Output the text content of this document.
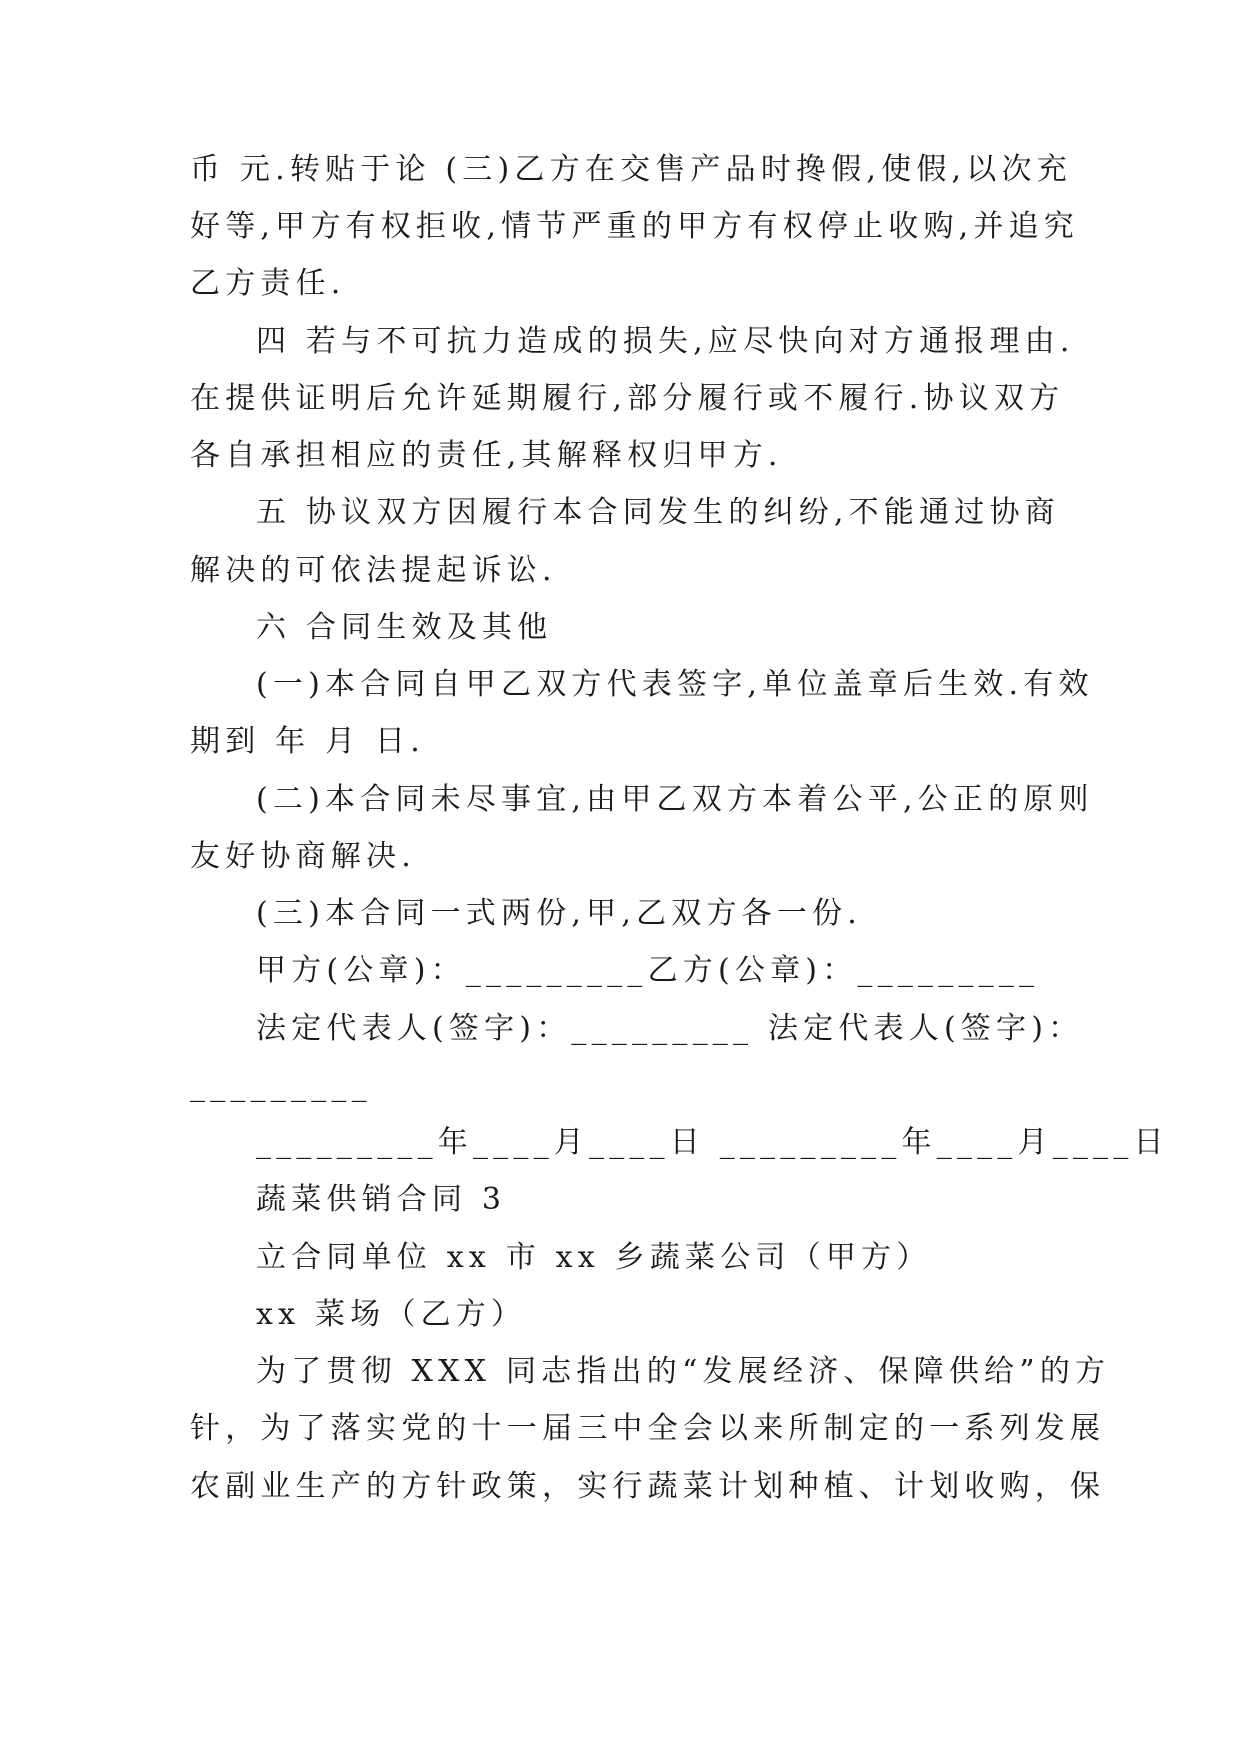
币 元.转贴于论 (三)乙方在交售产品时搀假,使假,以次充
好等,甲方有权拒收,情节严重的甲方有权停止收购,并追究
乙方责任.
四 若与不可抗力造成的损失,应尽快向对方通报理由.
在提供证明后允许延期履行,部分履行或不履行.协议双方
各自承担相应的责任,其解释权归甲方.
五 协议双方因履行本合同发生的纠纷,不能通过协商
解决的可依法提起诉讼.
六 合同生效及其他
(一)本合同自甲乙双方代表签字,单位盖章后生效.有效
期到 年 月 日.
(二)本合同未尽事宜,由甲乙双方本着公平,公正的原则
友好协商解决.
(三)本合同一式两份,甲,乙双方各一份.
甲方(公章)：_________乙方(公章)：_________
法定代表人(签字)：_________ 法定代表人(签字)：
_________
_________年____月____日 _________年____月____日
蔬菜供销合同 3
立合同单位 xx 市 xx 乡蔬菜公司（甲方）
xx 菜场（乙方）
为了贯彻 XXX 同志指出的“发展经济、保障供给”的方
针，为了落实党的十一届三中全会以来所制定的一系列发展
农副业生产的方针政策，实行蔬菜计划种植、计划收购，保
